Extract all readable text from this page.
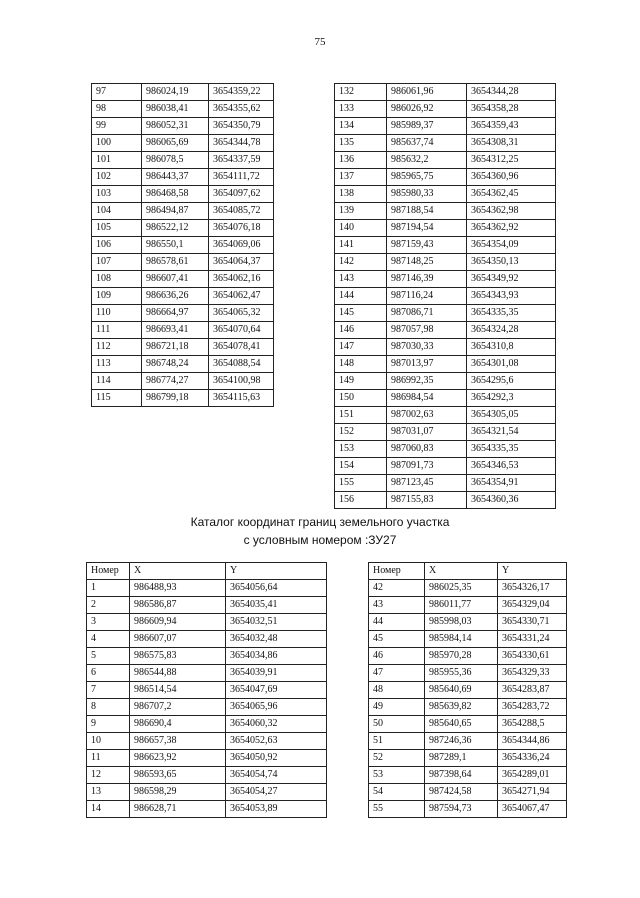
75
97	986024,19	3654359,22
98	986038,41	3654355,62
99	986052,31	3654350,79
100	986065,69	3654344,78
101	986078,5	3654337,59
102	986443,37	3654111,72
103	986468,58	3654097,62
104	986494,87	3654085,72
105	986522,12	3654076,18
106	986550,1	3654069,06
107	986578,61	3654064,37
108	986607,41	3654062,16
109	986636,26	3654062,47
110	986664,97	3654065,32
111	986693,41	3654070,64
112	986721,18	3654078,41
113	986748,24	3654088,54
114	986774,27	3654100,98
115	986799,18	3654115,63
132	986061,96	3654344,28
133	986026,92	3654358,28
134	985989,37	3654359,43
135	985637,74	3654308,31
136	985632,2	3654312,25
137	985965,75	3654360,96
138	985980,33	3654362,45
139	987188,54	3654362,98
140	987194,54	3654362,92
141	987159,43	3654354,09
142	987148,25	3654350,13
143	987146,39	3654349,92
144	987116,24	3654343,93
145	987086,71	3654335,35
146	987057,98	3654324,28
147	987030,33	3654310,8
148	987013,97	3654301,08
149	986992,35	3654295,6
150	986984,54	3654292,3
151	987002,63	3654305,05
152	987031,07	3654321,54
153	987060,83	3654335,35
154	987091,73	3654346,53
155	987123,45	3654354,91
156	987155,83	3654360,36
Каталог координат границ земельного участка
с условным номером :ЗУ27
Номер	X	Y
1	986488,93	3654056,64
2	986586,87	3654035,41
3	986609,94	3654032,51
4	986607,07	3654032,48
5	986575,83	3654034,86
6	986544,88	3654039,91
7	986514,54	3654047,69
8	986707,2	3654065,96
9	986690,4	3654060,32
10	986657,38	3654052,63
11	986623,92	3654050,92
12	986593,65	3654054,74
13	986598,29	3654054,27
14	986628,71	3654053,89
Номер	X	Y
42	986025,35	3654326,17
43	986011,77	3654329,04
44	985998,03	3654330,71
45	985984,14	3654331,24
46	985970,28	3654330,61
47	985955,36	3654329,33
48	985640,69	3654283,87
49	985639,82	3654283,72
50	985640,65	3654288,5
51	987246,36	3654344,86
52	987289,1	3654336,24
53	987398,64	3654289,01
54	987424,58	3654271,94
55	987594,73	3654067,47
